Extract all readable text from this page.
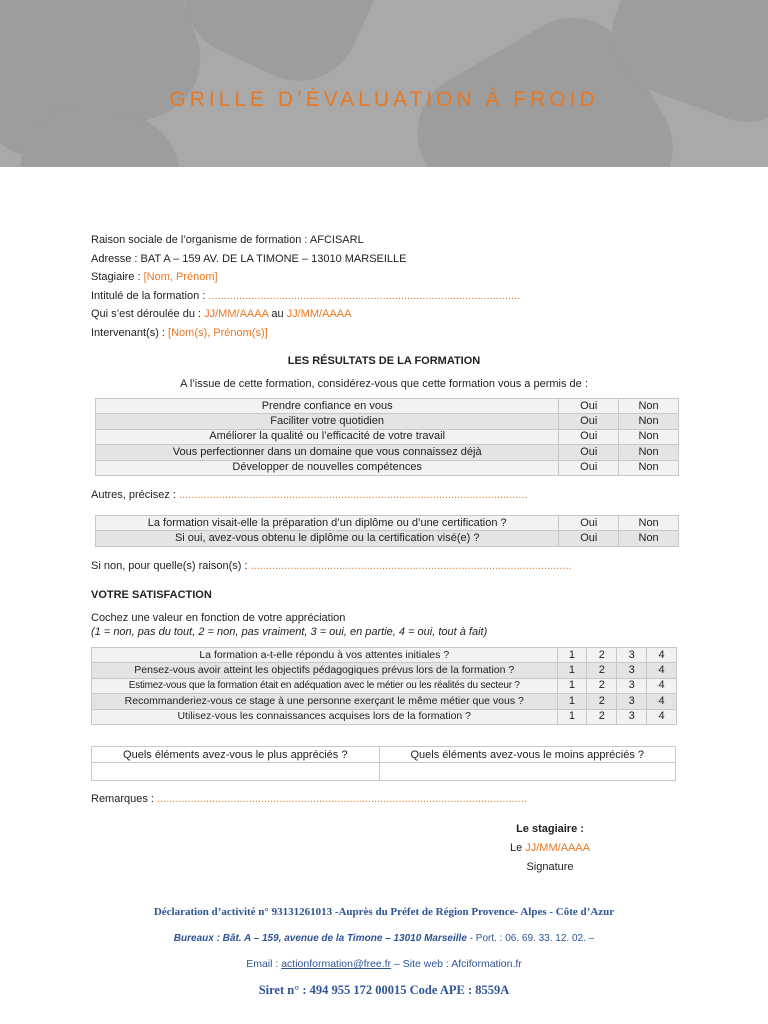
GRILLE D’ÉVALUATION À FROID
Raison sociale de l’organisme de formation : AFCISARL
Adresse : BAT A – 159 AV. DE LA TIMONE – 13010 MARSEILLE
Stagiaire : [Nom, Prénom]
Intitulé de la formation : ......................................................................................................
Qui s’est déroulée du : JJ/MM/AAAA au JJ/MM/AAAA
Intervenant(s) : [Nom(s), Prénom(s)]
LES RÉSULTATS DE LA FORMATION
A l’issue de cette formation, considérez-vous que cette formation vous a permis de :
Prendre confiance en vous	Oui	Non
Faciliter votre quotidien	Oui	Non
Améliorer la qualité ou l’efficacité de votre travail	Oui	Non
Vous perfectionner dans un domaine que vous connaissez déjà	Oui	Non
Développer de nouvelles compétences	Oui	Non
Autres, précisez : ..................................................................................................................
La formation visait-elle la préparation d’un diplôme ou d’une certification ?	Oui	Non
Si oui, avez-vous obtenu le diplôme ou la certification visé(e) ?	Oui	Non
Si non, pour quelle(s) raison(s) : .........................................................................................................
VOTRE SATISFACTION
Cochez une valeur en fonction de votre appréciation
(1 = non, pas du tout, 2 = non, pas vraiment, 3 = oui, en partie, 4 = oui, tout à fait)
La formation a-t-elle répondu à vos attentes initiales ?	1	2	3	4
Pensez-vous avoir atteint les objectifs pédagogiques prévus lors de la formation ?	1	2	3	4
Estimez-vous que la formation était en adéquation avec le métier ou les réalités du secteur ?	1	2	3	4
Recommanderiez-vous ce stage à une personne exerçant le même métier que vous ?	1	2	3	4
Utilisez-vous les connaissances acquises lors de la formation ?	1	2	3	4
Quels éléments avez-vous le plus appréciés ?	Quels éléments avez-vous le moins appréciés ?

Remarques : .........................................................................................................................
Le stagiaire :
Le JJ/MM/AAAA
Signature
Déclaration d’activité n° 93131261013 -Auprès du Préfet de Région Provence- Alpes - Côte d’Azur
Bureaux : Bât. A – 159, avenue de la Timone – 13010 Marseille - Port. : 06. 69. 33. 12. 02. –
Email : actionformation@free.fr – Site web : Afciformation.fr
Siret n° : 494 955 172 00015 Code APE : 8559A
